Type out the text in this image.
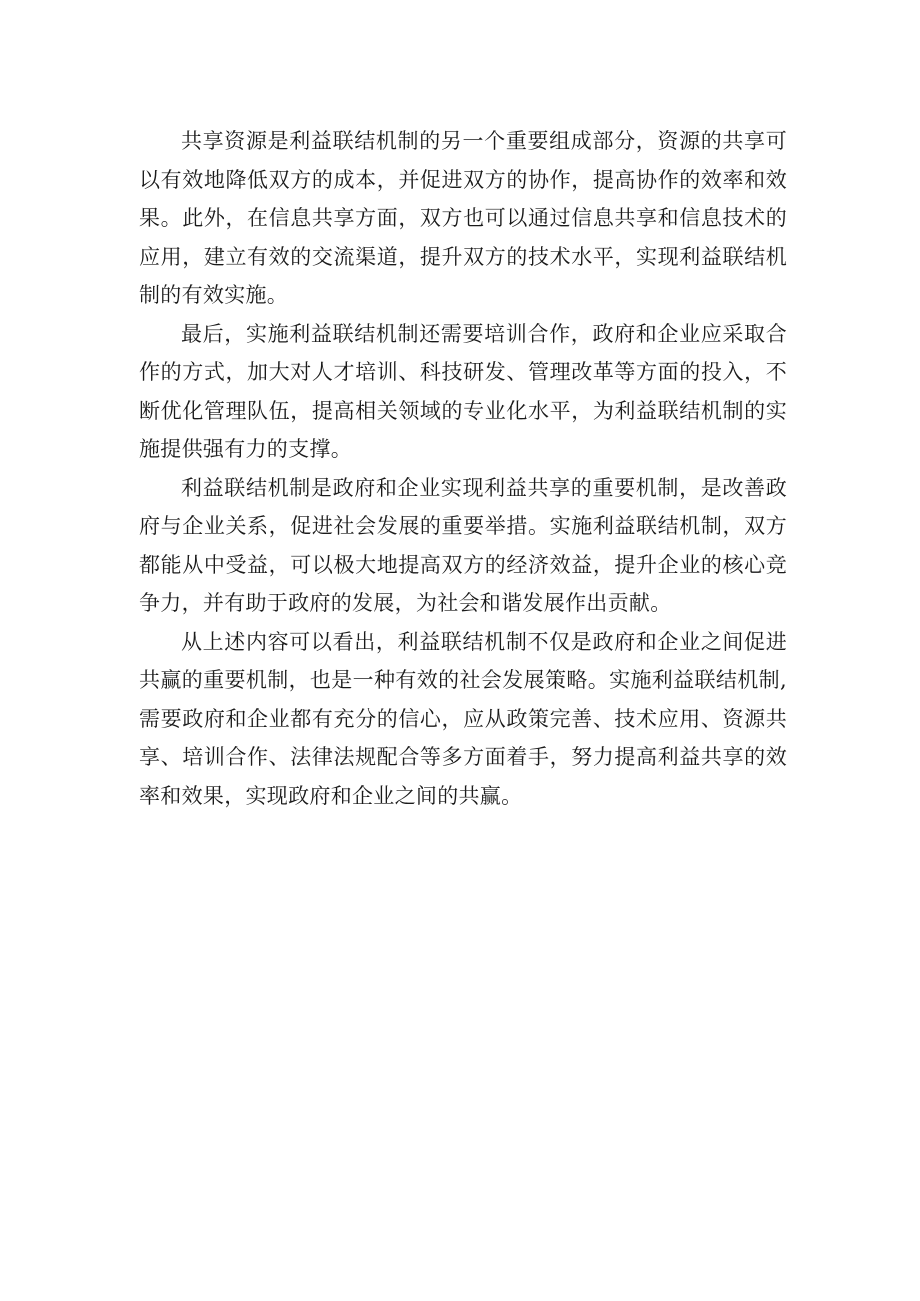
共享资源是利益联结机制的另一个重要组成部分，资源的共享可以有效地降低双方的成本，并促进双方的协作，提高协作的效率和效果。此外，在信息共享方面，双方也可以通过信息共享和信息技术的应用，建立有效的交流渠道，提升双方的技术水平，实现利益联结机制的有效实施。

最后，实施利益联结机制还需要培训合作，政府和企业应采取合作的方式，加大对人才培训、科技研发、管理改革等方面的投入，不断优化管理队伍，提高相关领域的专业化水平，为利益联结机制的实施提供强有力的支撑。

利益联结机制是政府和企业实现利益共享的重要机制，是改善政府与企业关系，促进社会发展的重要举措。实施利益联结机制，双方都能从中受益，可以极大地提高双方的经济效益，提升企业的核心竞争力，并有助于政府的发展，为社会和谐发展作出贡献。

从上述内容可以看出，利益联结机制不仅是政府和企业之间促进共赢的重要机制，也是一种有效的社会发展策略。实施利益联结机制,需要政府和企业都有充分的信心，应从政策完善、技术应用、资源共享、培训合作、法律法规配合等多方面着手，努力提高利益共享的效率和效果，实现政府和企业之间的共赢。
